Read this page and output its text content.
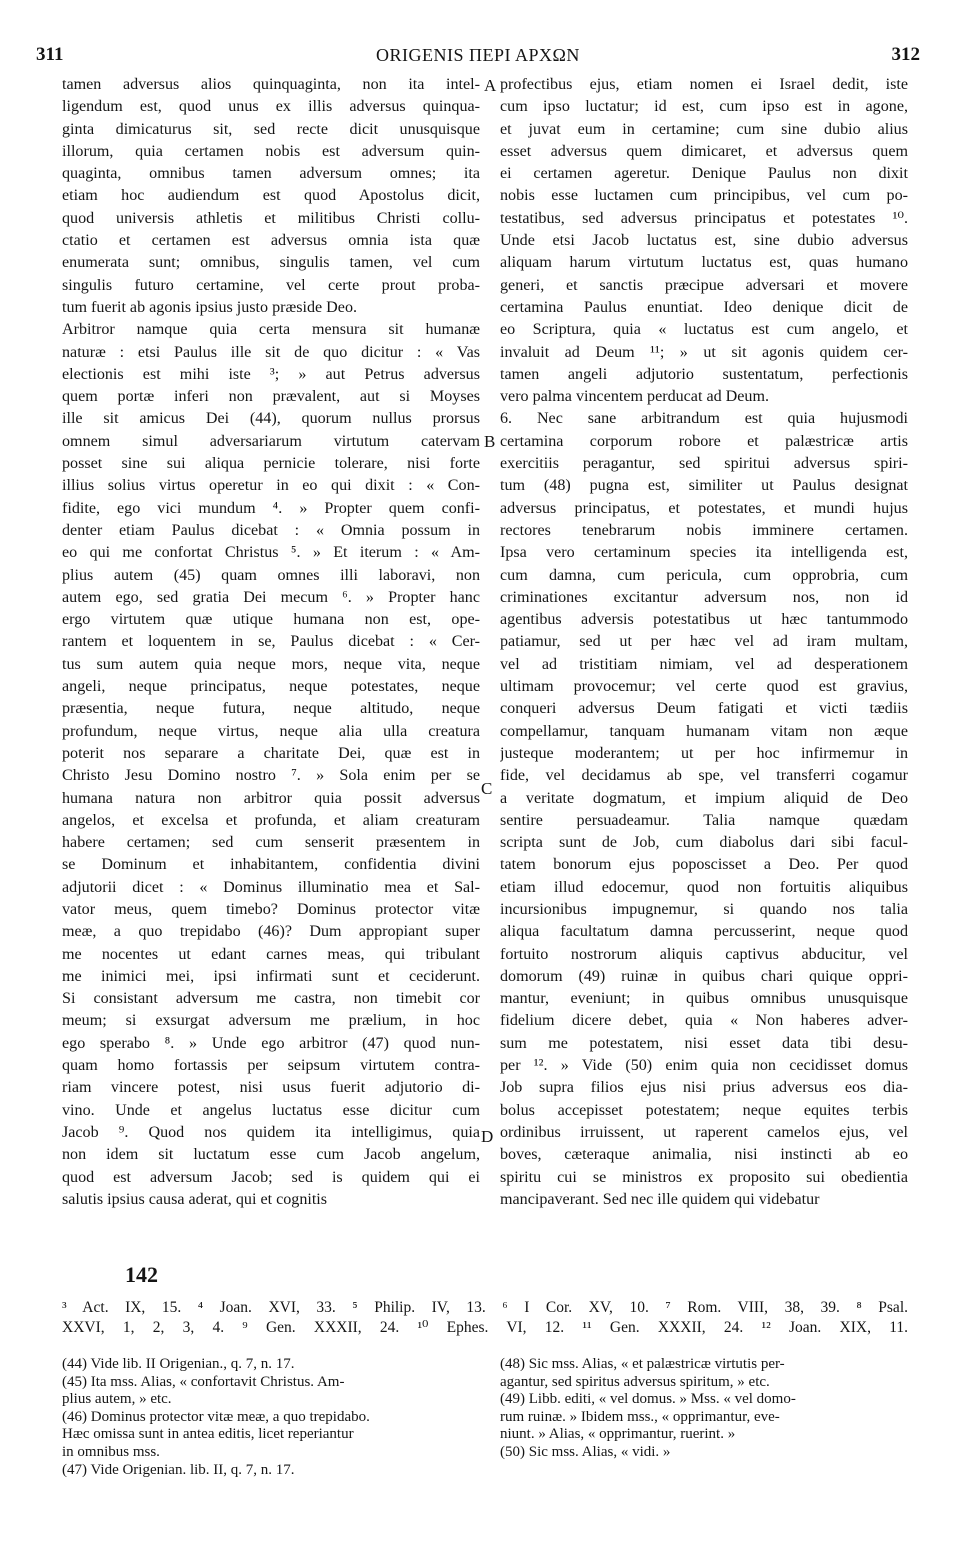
311	ORIGENIS ΠΕΡΙ ΑΡΧΩΝ	312
tamen adversus alios quinquaginta, non ita intel-
ligendum est, quod unus ex illis adversus quinqua-
ginta dimicaturus sit, sed recte dicit unusquisque
illorum, quia certamen nobis est adversum quin-
quaginta, omnibus tamen adversum omnes; ita
etiam hoc audiendum est quod Apostolus dicit,
quod universis athletis et militibus Christi collu-
ctatio et certamen est adversus omnia ista quæ
enumerata sunt; omnibus, singulis tamen, vel cum
singulis futuro certamine, vel certe prout proba-
tum fuerit ab agonis ipsius justo præside Deo.
Arbitror namque quia certa mensura sit humanæ
naturæ : etsi Paulus ille sit de quo dicitur : « Vas
electionis est mihi iste ³; » aut Petrus adversus
quem portæ inferi non prævalent, aut si Moyses
ille sit amicus Dei (44), quorum nullus prorsus
omnem simul adversariarum virtutum catervam
posset sine sui aliqua pernicie tolerare, nisi forte
illius solius virtus operetur in eo qui dixit : « Con-
fidite, ego vici mundum ⁴. » Propter quem confi-
denter etiam Paulus dicebat : « Omnia possum in
eo qui me confortat Christus ⁵. » Et iterum : « Am-
plius autem (45) quam omnes illi laboravi, non
autem ego, sed gratia Dei mecum ⁶. » Propter hanc
ergo virtutem quæ utique humana non est, ope-
rantem et loquentem in se, Paulus dicebat : « Cer-
tus sum autem quia neque mors, neque vita, neque
angeli, neque principatus, neque potestates, neque
præsentia, neque futura, neque altitudo, neque
profundum, neque virtus, neque alia ulla creatura
poterit nos separare a charitate Dei, quæ est in
Christo Jesu Domino nostro ⁷. » Sola enim per se
humana natura non arbitror quia possit adversus
angelos, et excelsa et profunda, et aliam creaturam
habere certamen; sed cum senserit præsentem in
se Dominum et inhabitantem, confidentia divini
adjutorii dicet : « Dominus illuminatio mea et Sal-
vator meus, quem timebo? Dominus protector vitæ
meæ, a quo trepidabo (46)? Dum appropiant super
me nocentes ut edant carnes meas, qui tribulant
me inimici mei, ipsi infirmati sunt et ceciderunt.
Si consistant adversum me castra, non timebit cor
meum; si exsurgat adversum me prælium, in hoc
ego sperabo ⁸. » Unde ego arbitror (47) quod nun-
quam homo fortassis per seipsum virtutem contra-
riam vincere potest, nisi usus fuerit adjutorio di-
vino. Unde et angelus luctatus esse dicitur cum
Jacob ⁹. Quod nos quidem ita intelligimus, quia
non idem sit luctatum esse cum Jacob angelum,
quod est adversum Jacob; sed is quidem qui ei
salutis ipsius causa aderat, qui et cognitis
profectibus ejus, etiam nomen ei Israel dedit, iste
cum ipso luctatur; id est, cum ipso est in agone,
et juvat eum in certamine; cum sine dubio alius
esset adversus quem dimicaret, et adversus quem
ei certamen ageretur. Denique Paulus non dixit
nobis esse luctamen cum principibus, vel cum po-
testatibus, sed adversus principatus et potestates ¹⁰.
Unde etsi Jacob luctatus est, sine dubio adversus
aliquam harum virtutum luctatus est, quas humano
generi, et sanctis præcipue adversari et movere
certamina Paulus enuntiat. Ideo denique dicit de
eo Scriptura, quia « luctatus est cum angelo, et
invaluit ad Deum ¹¹; » ut sit agonis quidem cer-
tamen angeli adjutorio sustentatum, perfectionis
vero palma vincentem perducat ad Deum.
6. Nec sane arbitrandum est quia hujusmodi
certamina corporum robore et palæstricæ artis
exercitiis peragantur, sed spiritui adversus spiri-
tum (48) pugna est, similiter ut Paulus designat
adversus principatus, et potestates, et mundi hujus
rectores tenebrarum nobis imminere certamen.
Ipsa vero certaminum species ita intelligenda est,
cum damna, cum pericula, cum opprobria, cum
criminationes excitantur adversum nos, non id
agentibus adversis potestatibus ut hæc tantummodo
patiamur, sed ut per hæc vel ad iram multam,
vel ad tristitiam nimiam, vel ad desperationem
ultimam provocemur; vel certe quod est gravius,
conqueri adversus Deum fatigati et victi tædiis
compellamur, tanquam humanam vitam non æque
justeque moderantem; ut per hoc infirmemur in
fide, vel decidamus ab spe, vel transferri cogamur
a veritate dogmatum, et impium aliquid de Deo
sentire persuadeamur. Talia namque quædam
scripta sunt de Job, cum diabolus dari sibi facul-
tatem bonorum ejus poposcisset a Deo. Per quod
etiam illud edocemur, quod non fortuitis aliquibus
incursionibus impugnemur, si quando nos talia
aliqua facultatum damna percusserint, neque quod
fortuito nostrorum aliquis captivus abducitur, vel
domorum (49) ruinæ in quibus chari quique oppri-
mantur, eveniunt; in quibus omnibus unusquisque
fidelium dicere debet, quia « Non haberes adver-
sum me potestatem, nisi esset data tibi desu-
per ¹². » Vide (50) enim quia non cecidisset domus
Job supra filios ejus nisi prius adversus eos dia-
bolus accepisset potestatem; neque equites terbis
ordinibus irruissent, ut raperent camelos ejus, vel
boves, cæteraque animalia, nisi instincti ab eo
spiritu cui se ministros ex proposito sui obedientia
mancipaverant. Sed nec ille quidem qui videbatur
A
B
C
D
142
³ Act. IX, 15. ⁴ Joan. XVI, 33. ⁵ Philip. IV, 13. ⁶ I Cor. XV, 10. ⁷ Rom. VIII, 38, 39. ⁸ Psal.
XXVI, 1, 2, 3, 4. ⁹ Gen. XXXII, 24. ¹⁰ Ephes. VI, 12. ¹¹ Gen. XXXII, 24. ¹² Joan. XIX, 11.
(44) Vide lib. II Origenian., q. 7, n. 17.
(45) Ita mss. Alias, « confortavit Christus. Am-
plius autem, » etc.
(46) Dominus protector vitæ meæ, a quo trepidabo.
Hæc omissa sunt in antea editis, licet reperiantur
in omnibus mss.
(47) Vide Origenian. lib. II, q. 7, n. 17.
(48) Sic mss. Alias, « et palæstricæ virtutis per-
agantur, sed spiritus adversus spiritum, » etc.
(49) Libb. editi, « vel domus. » Mss. « vel domo-
rum ruinæ. » Ibidem mss., « opprimantur, eve-
niunt. » Alias, « opprimantur, ruerint. »
(50) Sic mss. Alias, « vidi. »
